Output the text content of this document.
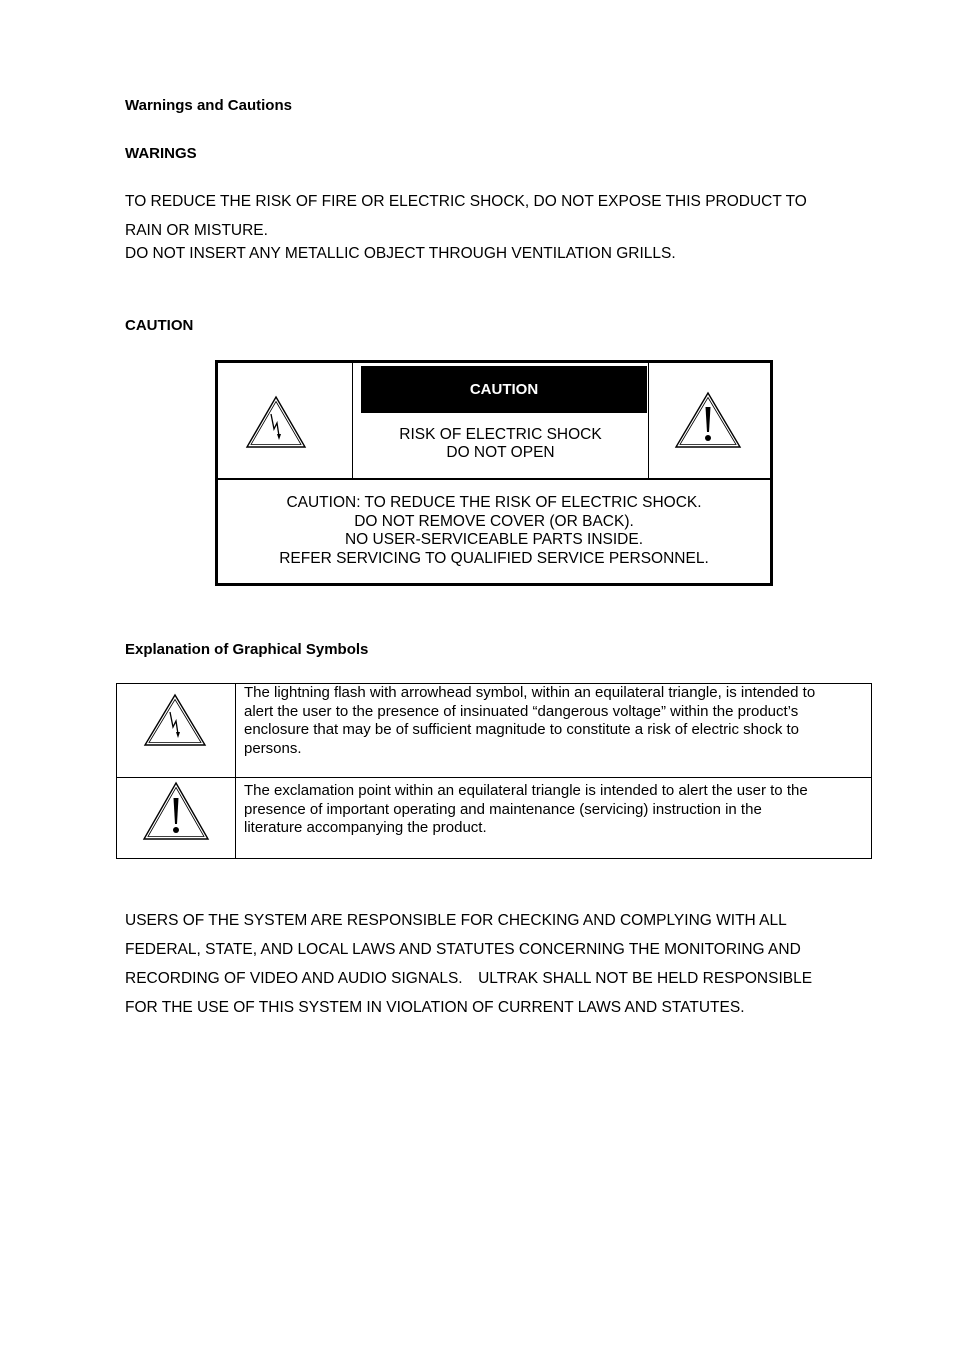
Warnings and Cautions
WARINGS
TO REDUCE THE RISK OF FIRE OR ELECTRIC SHOCK, DO NOT EXPOSE THIS PRODUCT TO
RAIN OR MISTURE.
DO NOT INSERT ANY METALLIC OBJECT THROUGH VENTILATION GRILLS.
CAUTION
CAUTION
RISK OF ELECTRIC SHOCK
DO NOT OPEN
CAUTION: TO REDUCE THE RISK OF ELECTRIC SHOCK.
DO NOT REMOVE COVER (OR BACK).
NO USER-SERVICEABLE PARTS INSIDE.
REFER SERVICING TO QUALIFIED SERVICE PERSONNEL.
Explanation of Graphical Symbols
The lightning flash with arrowhead symbol, within an equilateral triangle, is intended to
alert the user to the presence of insinuated “dangerous voltage” within the product’s
enclosure that may be of sufficient magnitude to constitute a risk of electric shock to
persons.
The exclamation point within an equilateral triangle is intended to alert the user to the
presence of important operating and maintenance (servicing) instruction in the
literature accompanying the product.
USERS OF THE SYSTEM ARE RESPONSIBLE FOR CHECKING AND COMPLYING WITH ALL
FEDERAL, STATE, AND LOCAL LAWS AND STATUTES CONCERNING THE MONITORING AND
RECORDING OF VIDEO AND AUDIO SIGNALS.　ULTRAK SHALL NOT BE HELD RESPONSIBLE
FOR THE USE OF THIS SYSTEM IN VIOLATION OF CURRENT LAWS AND STATUTES.
